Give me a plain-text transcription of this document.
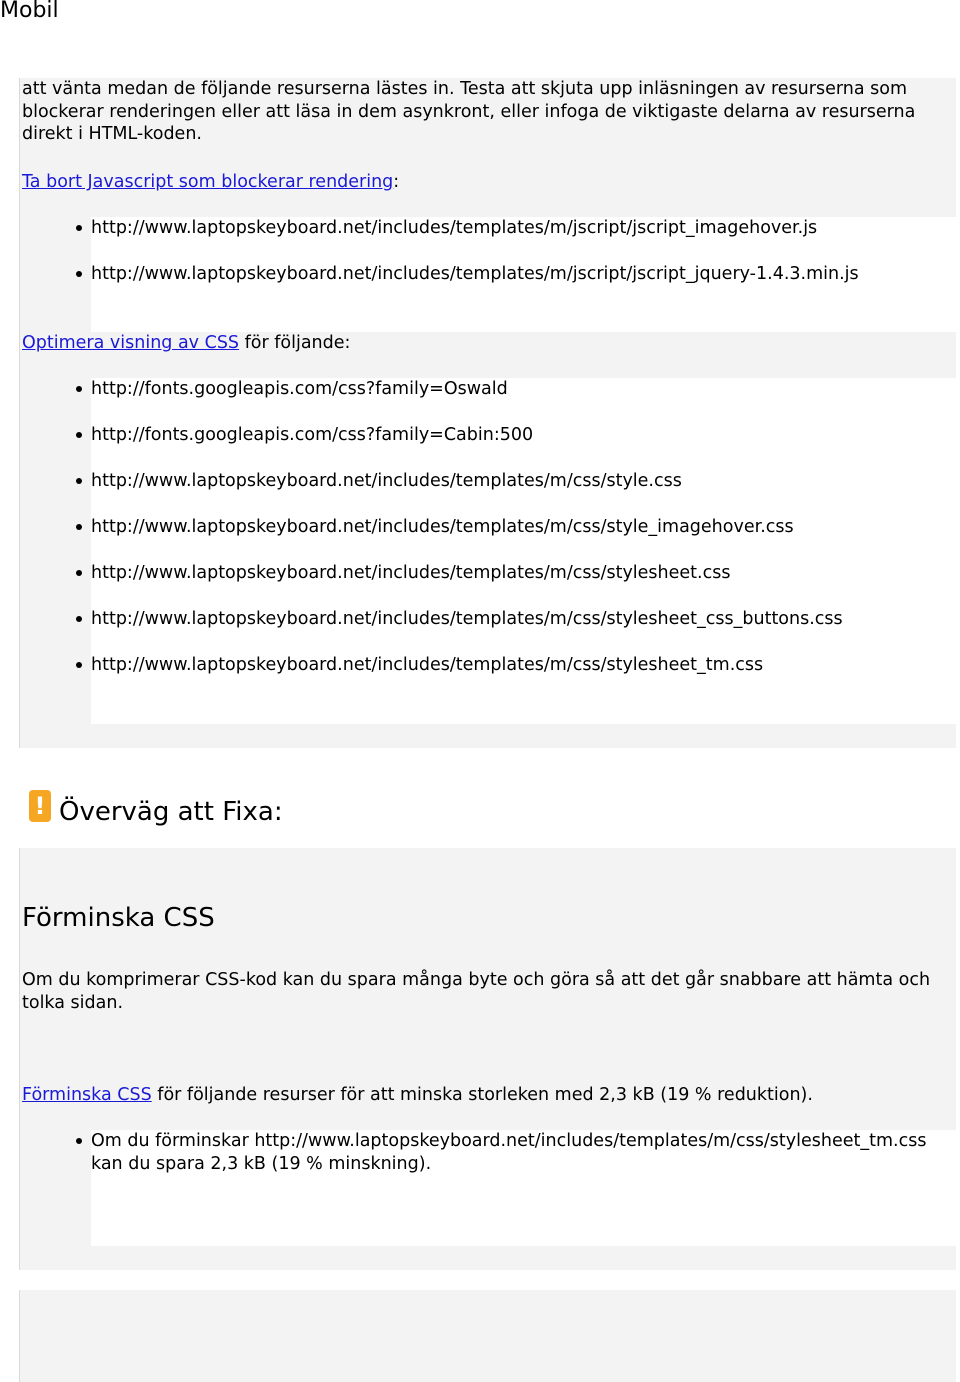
Mobil

att vänta medan de följande resurserna lästes in. Testa att skjuta upp inläsningen av resurserna som blockerar renderingen eller att läsa in dem asynkront, eller infoga de viktigaste delarna av resurserna direkt i HTML-koden.

Ta bort Javascript som blockerar rendering:

http://www.laptopskeyboard.net/includes/templates/m/jscript/jscript_imagehover.js
http://www.laptopskeyboard.net/includes/templates/m/jscript/jscript_jquery-1.4.3.min.js

Optimera visning av CSS för följande:

http://fonts.googleapis.com/css?family=Oswald
http://fonts.googleapis.com/css?family=Cabin:500
http://www.laptopskeyboard.net/includes/templates/m/css/style.css
http://www.laptopskeyboard.net/includes/templates/m/css/style_imagehover.css
http://www.laptopskeyboard.net/includes/templates/m/css/stylesheet.css
http://www.laptopskeyboard.net/includes/templates/m/css/stylesheet_css_buttons.css
http://www.laptopskeyboard.net/includes/templates/m/css/stylesheet_tm.css
! Överväg att Fixa:
Förminska CSS

Om du komprimerar CSS-kod kan du spara många byte och göra så att det går snabbare att hämta och tolka sidan.

Förminska CSS för följande resurser för att minska storleken med 2,3 kB (19 % reduktion).

Om du förminskar http://www.laptopskeyboard.net/includes/templates/m/css/stylesheet_tm.css kan du spara 2,3 kB (19 % minskning).
